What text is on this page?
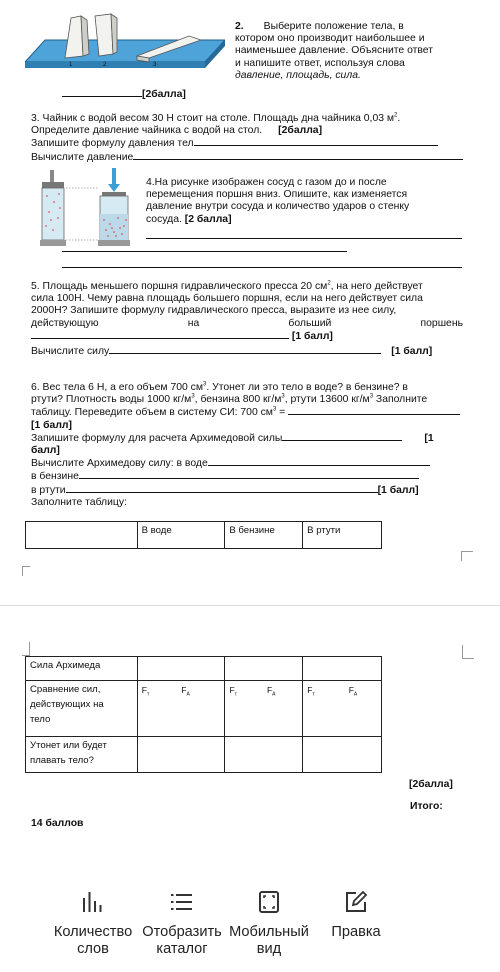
1	2	3
2. Выберите положение тела, в
котором оно производит наибольшее и
наименьшее давление. Объясните ответ
и напишите ответ, используя слова
давление, площадь, сила.
[2балла]
3. Чайник с водой весом 30 Н стоит на столе. Площадь дна чайника 0,03 $м^2$.
Определите давление чайника с водой на стол. [2балла]
Запишите формулу давления тел
Вычислите давление
4.На рисунке изображен сосуд с газом до и после
перемещения поршня вниз. Опишите, как изменяется
давление внутри сосуда и количество ударов о стенку
сосуда. [2 балла]
5. Площадь меньшего поршня гидравлического пресса 20 $см^2$, на него действует
сила 100Н. Чему равна площадь большего поршня, если на него действует сила
2000Н? Запишите формулу гидравлического пресса, выразите из нее силу,
действующую	на	больший	поршень
[1 балл]
Вычислите силу	[1 балл]
6. Вес тела 6 Н, а его объем 700 $см^3$. Утонет ли это тело в воде? в бензине? в
ртути? Плотность воды 1000 $кг/м^3$, бензина 800 $кг/м^3$, ртути 13600 $кг/м^3$ Заполните
таблицу. Переведите объем в систему СИ: 700 $см^3$ =
[1 балл]
Запишите формулу для расчета Архимедовой силы	[1
балл]
Вычислите Архимедову силу: в воде
в бензине
в ртути	[1 балл]
Заполните таблицу:
	В воде	В бензине	В ртути
Сила Архимеда			

Сравнение сил,
действующих на
тело	$F_т$ $F_A$	$F_т$ $F_A$	$F_т$ $F_A$

Утонет или будет
плавать тело?			

[2балла]
Итого:
14 баллов
Количество
слов
Отобразить
каталог
Мобильный
вид
Правка
